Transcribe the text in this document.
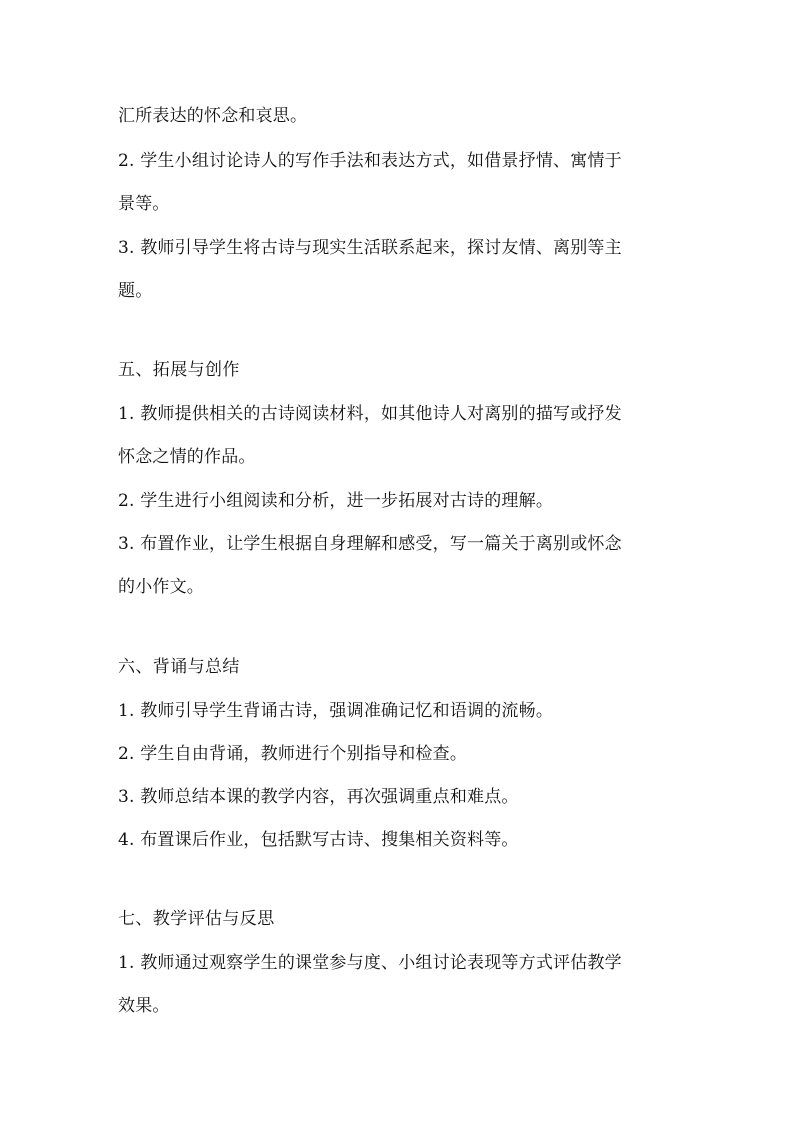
汇所表达的怀念和哀思。
2. 学生小组讨论诗人的写作手法和表达方式，如借景抒情、寓情于
景等。
3. 教师引导学生将古诗与现实生活联系起来，探讨友情、离别等主
题。
五、拓展与创作
1. 教师提供相关的古诗阅读材料，如其他诗人对离别的描写或抒发
怀念之情的作品。
2. 学生进行小组阅读和分析，进一步拓展对古诗的理解。
3. 布置作业，让学生根据自身理解和感受，写一篇关于离别或怀念
的小作文。
六、背诵与总结
1. 教师引导学生背诵古诗，强调准确记忆和语调的流畅。
2. 学生自由背诵，教师进行个别指导和检查。
3. 教师总结本课的教学内容，再次强调重点和难点。
4. 布置课后作业，包括默写古诗、搜集相关资料等。
七、教学评估与反思
1. 教师通过观察学生的课堂参与度、小组讨论表现等方式评估教学
效果。
